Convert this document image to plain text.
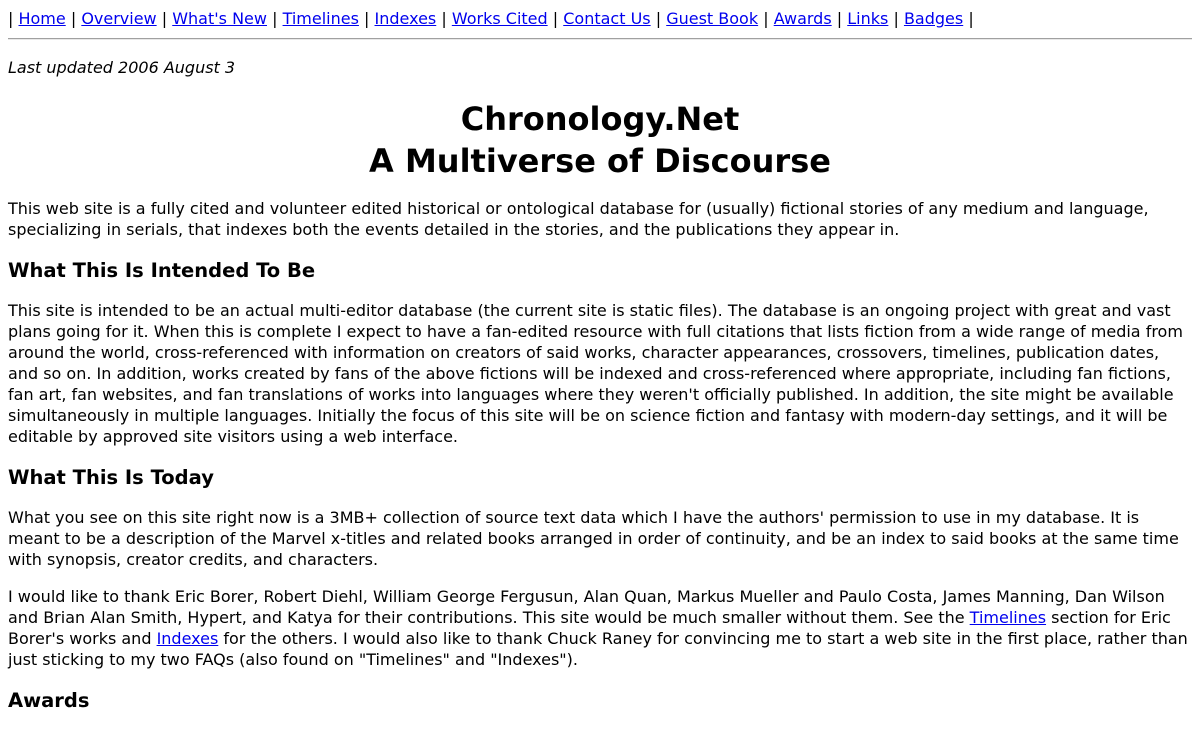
| Home | Overview | What's New | Timelines | Indexes | Works Cited | Contact Us | Guest Book | Awards | Links | Badges |
Last updated 2006 August 3
Chronology.Net
A Multiverse of Discourse

This web site is a fully cited and volunteer edited historical or ontological database for (usually) fictional stories of any medium and language, specializing in serials, that indexes both the events detailed in the stories, and the publications they appear in.

What This Is Intended To Be

This site is intended to be an actual multi-editor database (the current site is static files). The database is an ongoing project with great and vast plans going for it. When this is complete I expect to have a fan-edited resource with full citations that lists fiction from a wide range of media from around the world, cross-referenced with information on creators of said works, character appearances, crossovers, timelines, publication dates, and so on. In addition, works created by fans of the above fictions will be indexed and cross-referenced where appropriate, including fan fictions, fan art, fan websites, and fan translations of works into languages where they weren't officially published. In addition, the site might be available simultaneously in multiple languages. Initially the focus of this site will be on science fiction and fantasy with modern-day settings, and it will be editable by approved site visitors using a web interface.

What This Is Today

What you see on this site right now is a 3MB+ collection of source text data which I have the authors' permission to use in my database. It is meant to be a description of the Marvel x-titles and related books arranged in order of continuity, and be an index to said books at the same time with synopsis, creator credits, and characters.

I would like to thank Eric Borer, Robert Diehl, William George Fergusun, Alan Quan, Markus Mueller and Paulo Costa, James Manning, Dan Wilson and Brian Alan Smith, Hypert, and Katya for their contributions. This site would be much smaller without them. See the Timelines section for Eric Borer's works and Indexes for the others. I would also like to thank Chuck Raney for convincing me to start a web site in the first place, rather than just sticking to my two FAQs (also found on "Timelines" and "Indexes").

Awards
